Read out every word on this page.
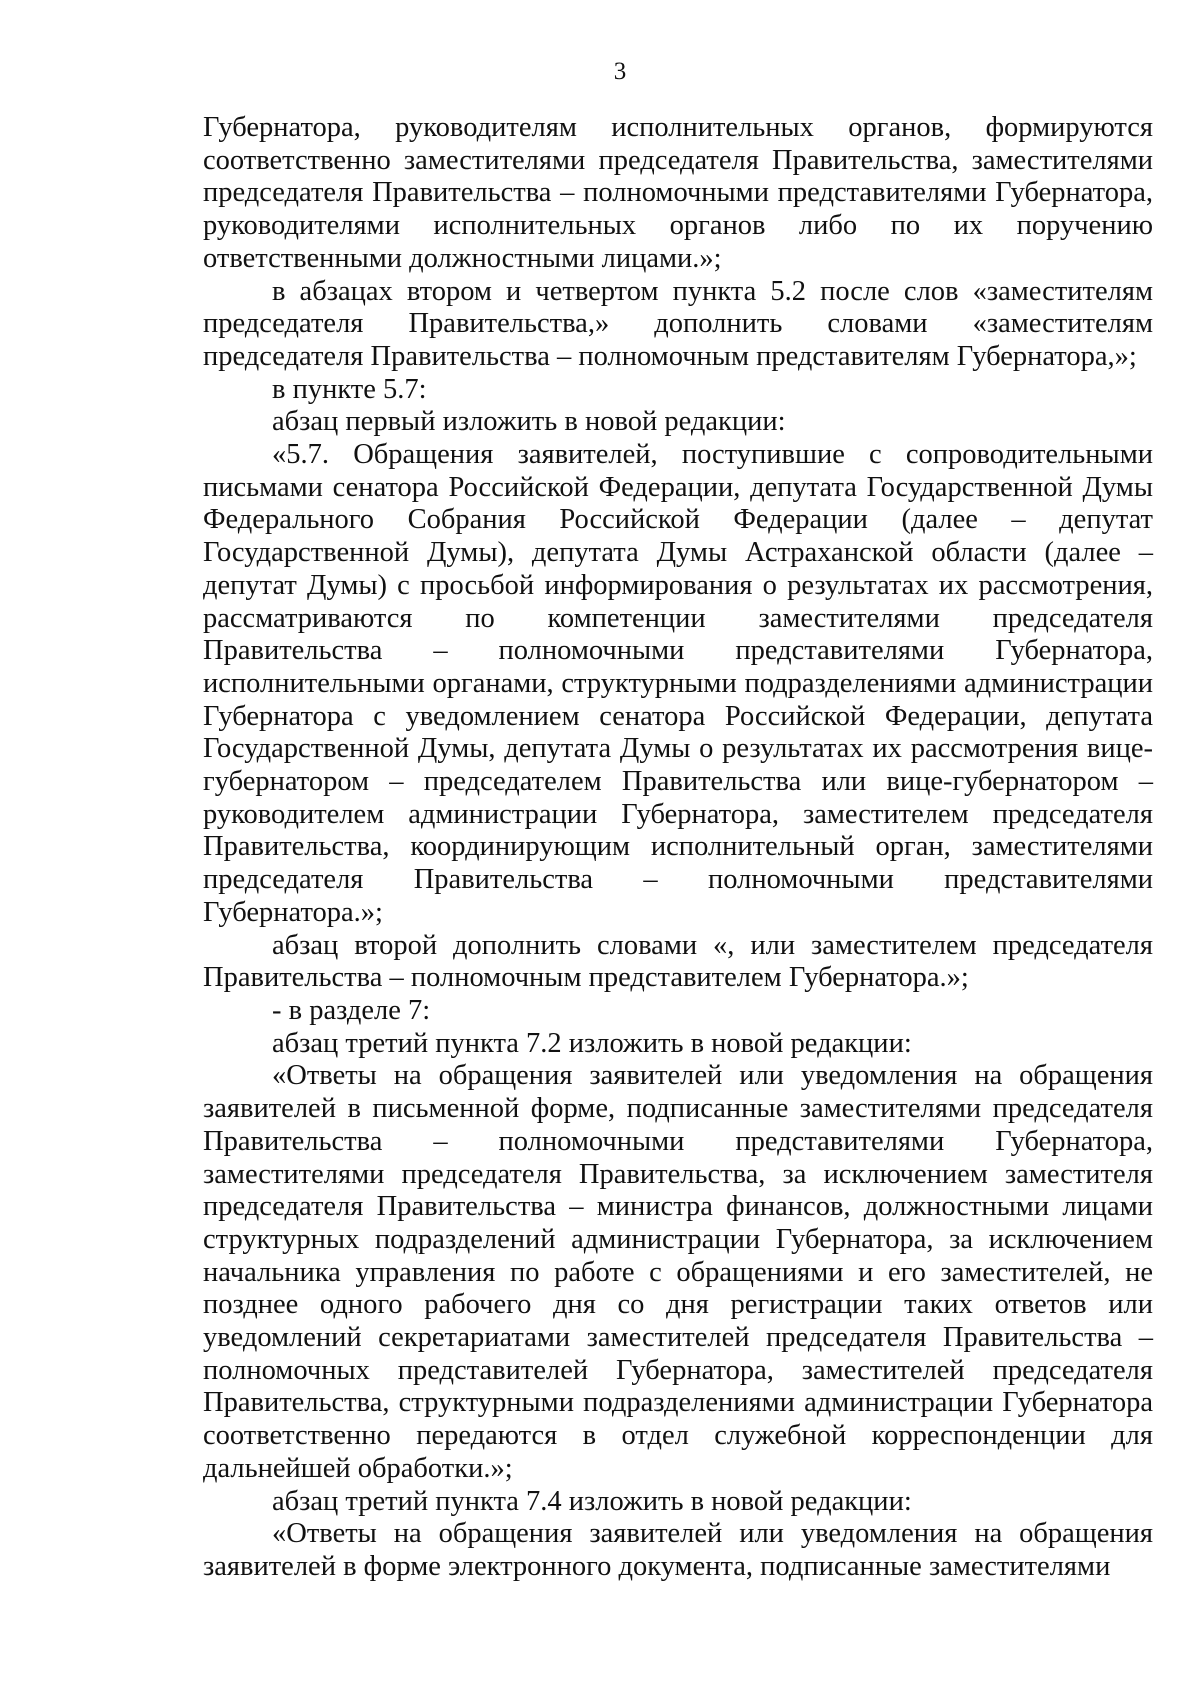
3

Губернатора, руководителям исполнительных органов, формируются соответственно заместителями председателя Правительства, заместителями председателя Правительства – полномочными представителями Губернатора, руководителями исполнительных органов либо по их поручению ответственными должностными лицами.»;

в абзацах втором и четвертом пункта 5.2 после слов «заместителям председателя Правительства,» дополнить словами «заместителям председателя Правительства – полномочным представителям Губернатора,»;

в пункте 5.7:

абзац первый изложить в новой редакции:

«5.7. Обращения заявителей, поступившие с сопроводительными письмами сенатора Российской Федерации, депутата Государственной Думы Федерального Собрания Российской Федерации (далее – депутат Государственной Думы), депутата Думы Астраханской области (далее – депутат Думы) с просьбой информирования о результатах их рассмотрения, рассматриваются по компетенции заместителями председателя Правительства – полномочными представителями Губернатора, исполнительными органами, структурными подразделениями администрации Губернатора с уведомлением сенатора Российской Федерации, депутата Государственной Думы, депутата Думы о результатах их рассмотрения вице-губернатором – председателем Правительства или вице-губернатором – руководителем администрации Губернатора, заместителем председателя Правительства, координирующим исполнительный орган, заместителями председателя Правительства – полномочными представителями Губернатора.»;

абзац второй дополнить словами «, или заместителем председателя Правительства – полномочным представителем Губернатора.»;

- в разделе 7:

абзац третий пункта 7.2 изложить в новой редакции:

«Ответы на обращения заявителей или уведомления на обращения заявителей в письменной форме, подписанные заместителями председателя Правительства – полномочными представителями Губернатора, заместителями председателя Правительства, за исключением заместителя председателя Правительства – министра финансов, должностными лицами структурных подразделений администрации Губернатора, за исключением начальника управления по работе с обращениями и его заместителей, не позднее одного рабочего дня со дня регистрации таких ответов или уведомлений секретариатами заместителей председателя Правительства – полномочных представителей Губернатора, заместителей председателя Правительства, структурными подразделениями администрации Губернатора соответственно передаются в отдел служебной корреспонденции для дальнейшей обработки.»;

абзац третий пункта 7.4 изложить в новой редакции:

«Ответы на обращения заявителей или уведомления на обращения заявителей в форме электронного документа, подписанные заместителями
